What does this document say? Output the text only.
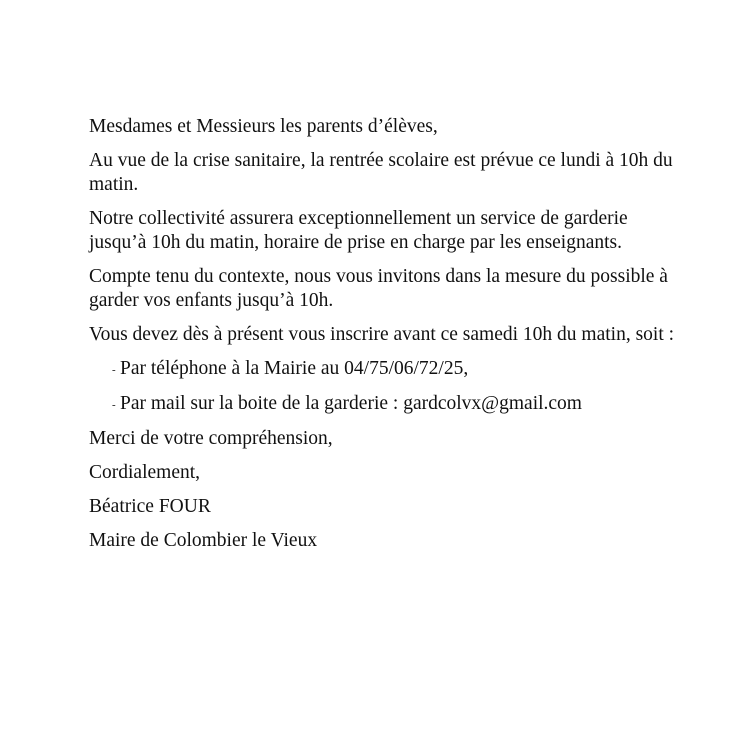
Mesdames et Messieurs les parents d’élèves,

Au vue de la crise sanitaire, la rentrée scolaire est prévue ce lundi à 10h du matin.

Notre collectivité assurera exceptionnellement un service de garderie jusqu’à 10h du matin, horaire de prise en charge par les enseignants.

Compte tenu du contexte, nous vous invitons dans la mesure du possible à garder vos enfants jusqu’à 10h.

Vous devez dès à présent vous inscrire avant ce samedi 10h du matin, soit :

- Par téléphone à la Mairie au 04/75/06/72/25,
- Par mail sur la boite de la garderie : gardcolvx@gmail.com

Merci de votre compréhension,

Cordialement,

Béatrice FOUR

Maire de Colombier le Vieux
